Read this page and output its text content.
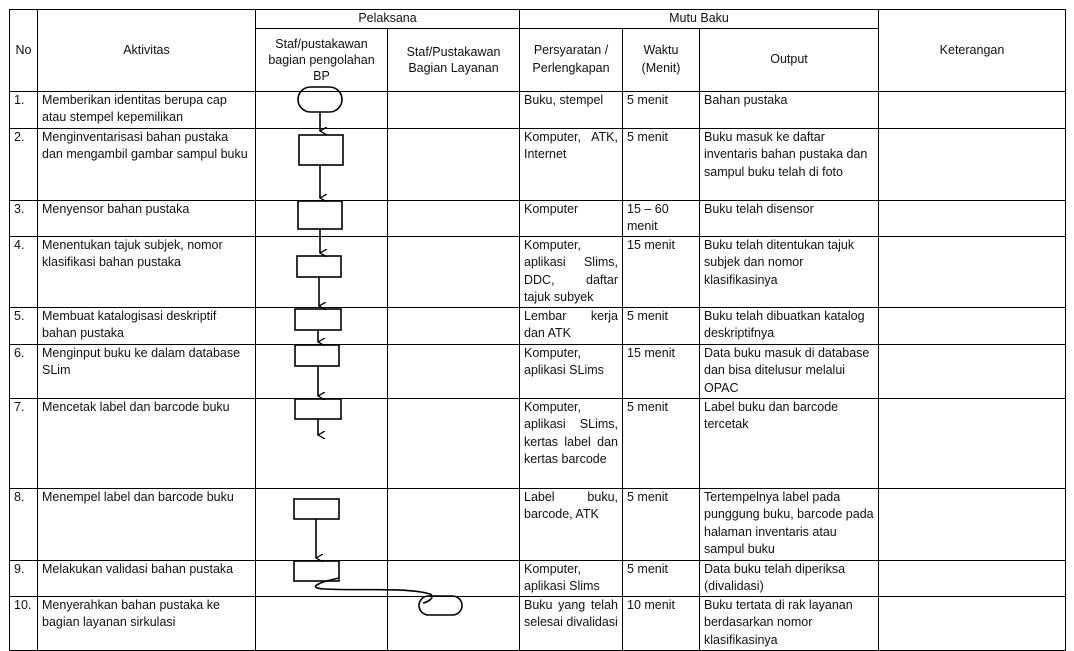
No	Aktivitas	Pelaksana		Mutu Baku			Keterangan
		Staf/pustakawan bagian pengolahan BP	Staf/Pustakawan Bagian Layanan	Persyaratan / Perlengkapan	Waktu (Menit)	Output	
1.	Memberikan identitas berupa cap atau stempel kepemilikan			Buku, stempel	5 menit	Bahan pustaka	
2.	Menginventarisasi bahan pustaka dan mengambil gambar sampul buku			Komputer, ATK, Internet	5 menit	Buku masuk ke daftar inventaris bahan pustaka dan sampul buku telah di foto	
3.	Menyensor bahan pustaka			Komputer	15 – 60 menit	Buku telah disensor	
4.	Menentukan tajuk subjek, nomor klasifikasi bahan pustaka			Komputer, aplikasi Slims, DDC, daftar tajuk subyek	15 menit	Buku telah ditentukan tajuk subjek dan nomor klasifikasinya	
5.	Membuat katalogisasi deskriptif bahan pustaka			Lembar kerja dan ATK	5 menit	Buku telah dibuatkan katalog deskriptifnya	
6.	Menginput buku ke dalam database SLim			Komputer, aplikasi SLims	15 menit	Data buku masuk di database dan bisa ditelusur melalui OPAC	
7.	Mencetak label dan barcode buku			Komputer, aplikasi SLims, kertas label dan kertas barcode	5 menit	Label buku dan barcode tercetak	
8.	Menempel label dan barcode buku			Label buku, barcode, ATK	5 menit	Tertempelnya label pada punggung buku, barcode pada halaman inventaris atau sampul buku	
9.	Melakukan validasi bahan pustaka			Komputer, aplikasi Slims	5 menit	Data buku telah diperiksa (divalidasi)	
10.	Menyerahkan bahan pustaka ke bagian layanan sirkulasi			Buku yang telah selesai divalidasi	10 menit	Buku tertata di rak layanan berdasarkan nomor klasifikasinya	
